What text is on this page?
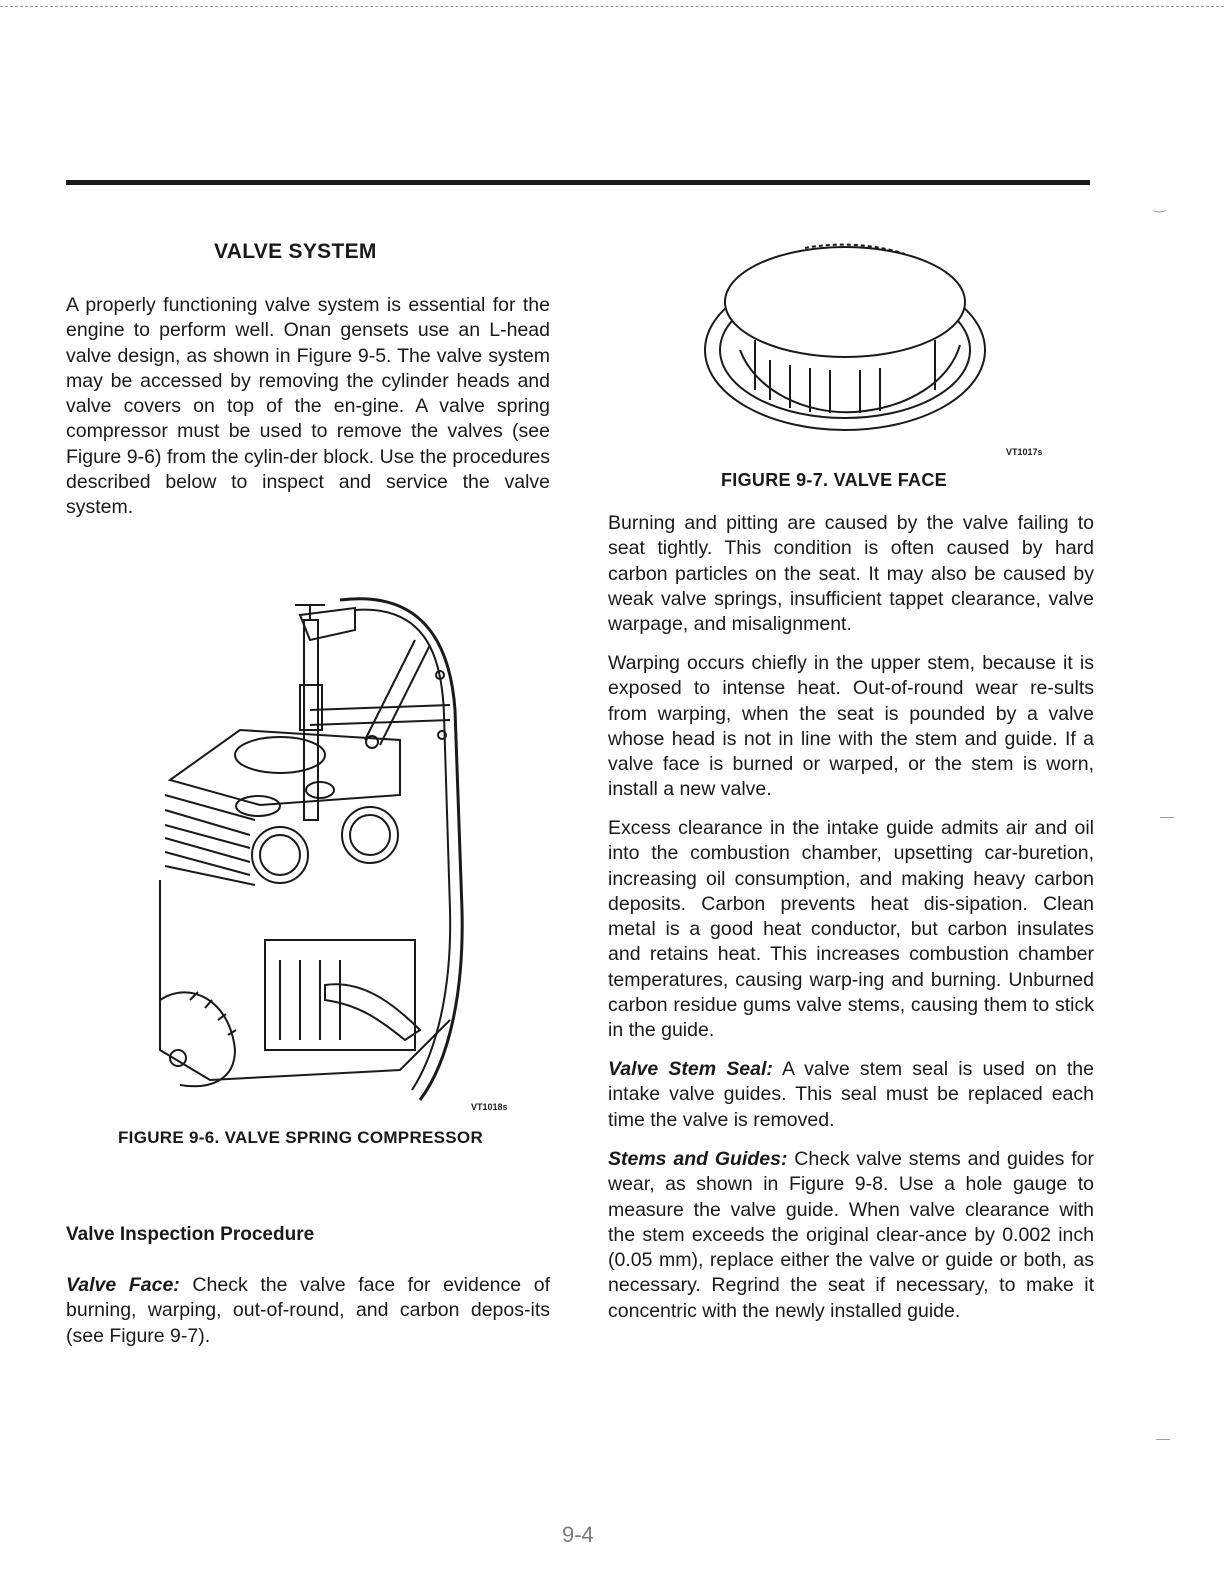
VALVE SYSTEM

A properly functioning valve system is essential for the engine to perform well. Onan gensets use an L-head valve design, as shown in Figure 9-5. The valve system may be accessed by removing the cylinder heads and valve covers on top of the en-gine. A valve spring compressor must be used to remove the valves (see Figure 9-6) from the cylin-der block. Use the procedures described below to inspect and service the valve system.

VT1018s
FIGURE 9-6. VALVE SPRING COMPRESSOR
Valve Inspection Procedure

Valve Face: Check the valve face for evidence of burning, warping, out-of-round, and carbon depos-its (see Figure 9-7).

VT1017s
FIGURE 9-7. VALVE FACE

Burning and pitting are caused by the valve failing to seat tightly. This condition is often caused by hard carbon particles on the seat. It may also be caused by weak valve springs, insufficient tappet clearance, valve warpage, and misalignment.

Warping occurs chiefly in the upper stem, because it is exposed to intense heat. Out-of-round wear re-sults from warping, when the seat is pounded by a valve whose head is not in line with the stem and guide. If a valve face is burned or warped, or the stem is worn, install a new valve.

Excess clearance in the intake guide admits air and oil into the combustion chamber, upsetting car-buretion, increasing oil consumption, and making heavy carbon deposits. Carbon prevents heat dis-sipation. Clean metal is a good heat conductor, but carbon insulates and retains heat. This increases combustion chamber temperatures, causing warp-ing and burning. Unburned carbon residue gums valve stems, causing them to stick in the guide.

Valve Stem Seal: A valve stem seal is used on the intake valve guides. This seal must be replaced each time the valve is removed.

Stems and Guides: Check valve stems and guides for wear, as shown in Figure 9-8. Use a hole gauge to measure the valve guide. When valve clearance with the stem exceeds the original clear-ance by 0.002 inch (0.05 mm), replace either the valve or guide or both, as necessary. Regrind the seat if necessary, to make it concentric with the newly installed guide.

‿
—
—
9-4
